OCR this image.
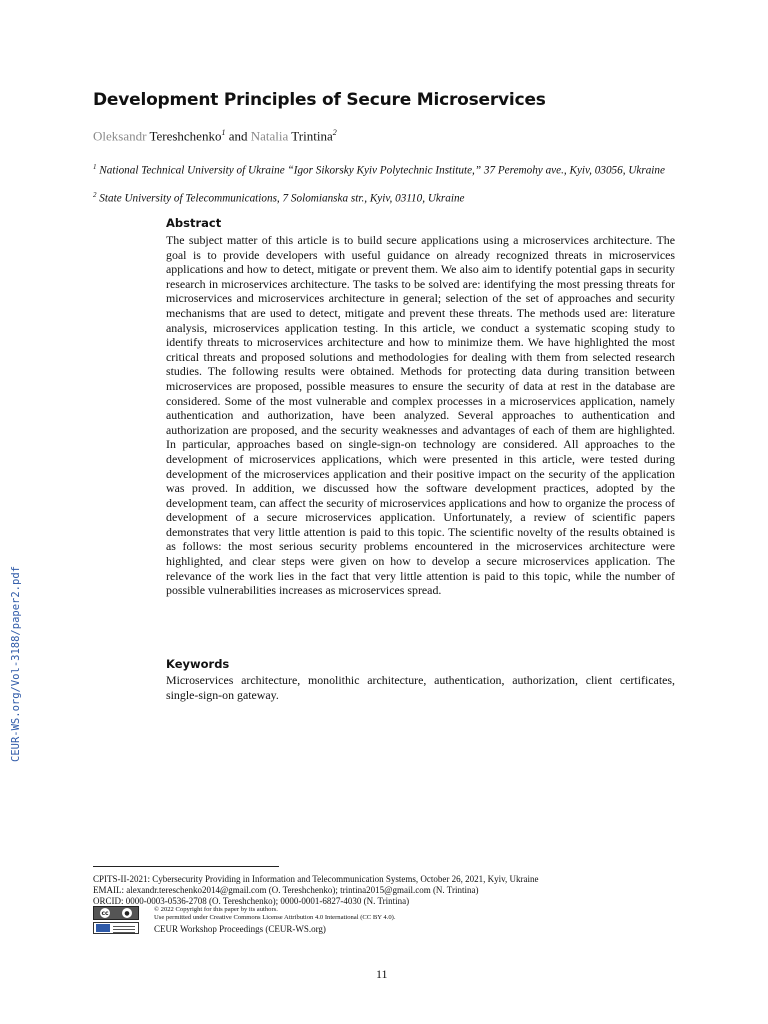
Development Principles of Secure Microservices
Oleksandr Tereshchenko$^1$ and Natalia Trintina$^2$
$^1$ National Technical University of Ukraine “Igor Sikorsky Kyiv Polytechnic Institute,” 37 Peremohy ave., Kyiv, 03056, Ukraine
$^2$ State University of Telecommunications, 7 Solomianska str., Kyiv, 03110, Ukraine
Abstract

The subject matter of this article is to build secure applications using a microservices architecture. The goal is to provide developers with useful guidance on already recognized threats in microservices applications and how to detect, mitigate or prevent them. We also aim to identify potential gaps in security research in microservices architecture. The tasks to be solved are: identifying the most pressing threats for microservices and microservices architecture in general; selection of the set of approaches and security mechanisms that are used to detect, mitigate and prevent these threats. The methods used are: literature analysis, microservices application testing. In this article, we conduct a systematic scoping study to identify threats to microservices architecture and how to minimize them. We have highlighted the most critical threats and proposed solutions and methodologies for dealing with them from selected research studies. The following results were obtained. Methods for protecting data during transition between microservices are proposed, possible measures to ensure the security of data at rest in the database are considered. Some of the most vulnerable and complex processes in a microservices application, namely authentication and authorization, have been analyzed. Several approaches to authentication and authorization are proposed, and the security weaknesses and advantages of each of them are highlighted. In particular, approaches based on single-sign-on technology are considered. All approaches to the development of microservices applications, which were presented in this article, were tested during development of the microservices application and their positive impact on the security of the application was proved. In addition, we discussed how the software development practices, adopted by the development team, can affect the security of microservices applications and how to organize the process of development of a secure microservices application. Unfortunately, a review of scientific papers demonstrates that very little attention is paid to this topic. The scientific novelty of the results obtained is as follows: the most serious security problems encountered in the microservices architecture were highlighted, and clear steps were given on how to develop a secure microservices application. The relevance of the work lies in the fact that very little attention is paid to this topic, while the number of possible vulnerabilities increases as microservices spread.

Keywords

Microservices architecture, monolithic architecture, authentication, authorization, client certificates, single-sign-on gateway.

CEUR-WS.org/Vol-3188/paper2.pdf
CPITS-II-2021: Cybersecurity Providing in Information and Telecommunication Systems, October 26, 2021, Kyiv, Ukraine
EMAIL: alexandr.tereschenko2014@gmail.com (O. Tereshchenko); trintina2015@gmail.com (N. Trintina)
ORCID: 0000-0003-0536-2708 (O. Tereshchenko); 0000-0001-6827-4030 (N. Trintina)
cc	●	© 2022 Copyright for this paper by its authors.
Use permitted under Creative Commons License Attribution 4.0 International (CC BY 4.0).
CEUR Workshop Proceedings (CEUR-WS.org)
11
